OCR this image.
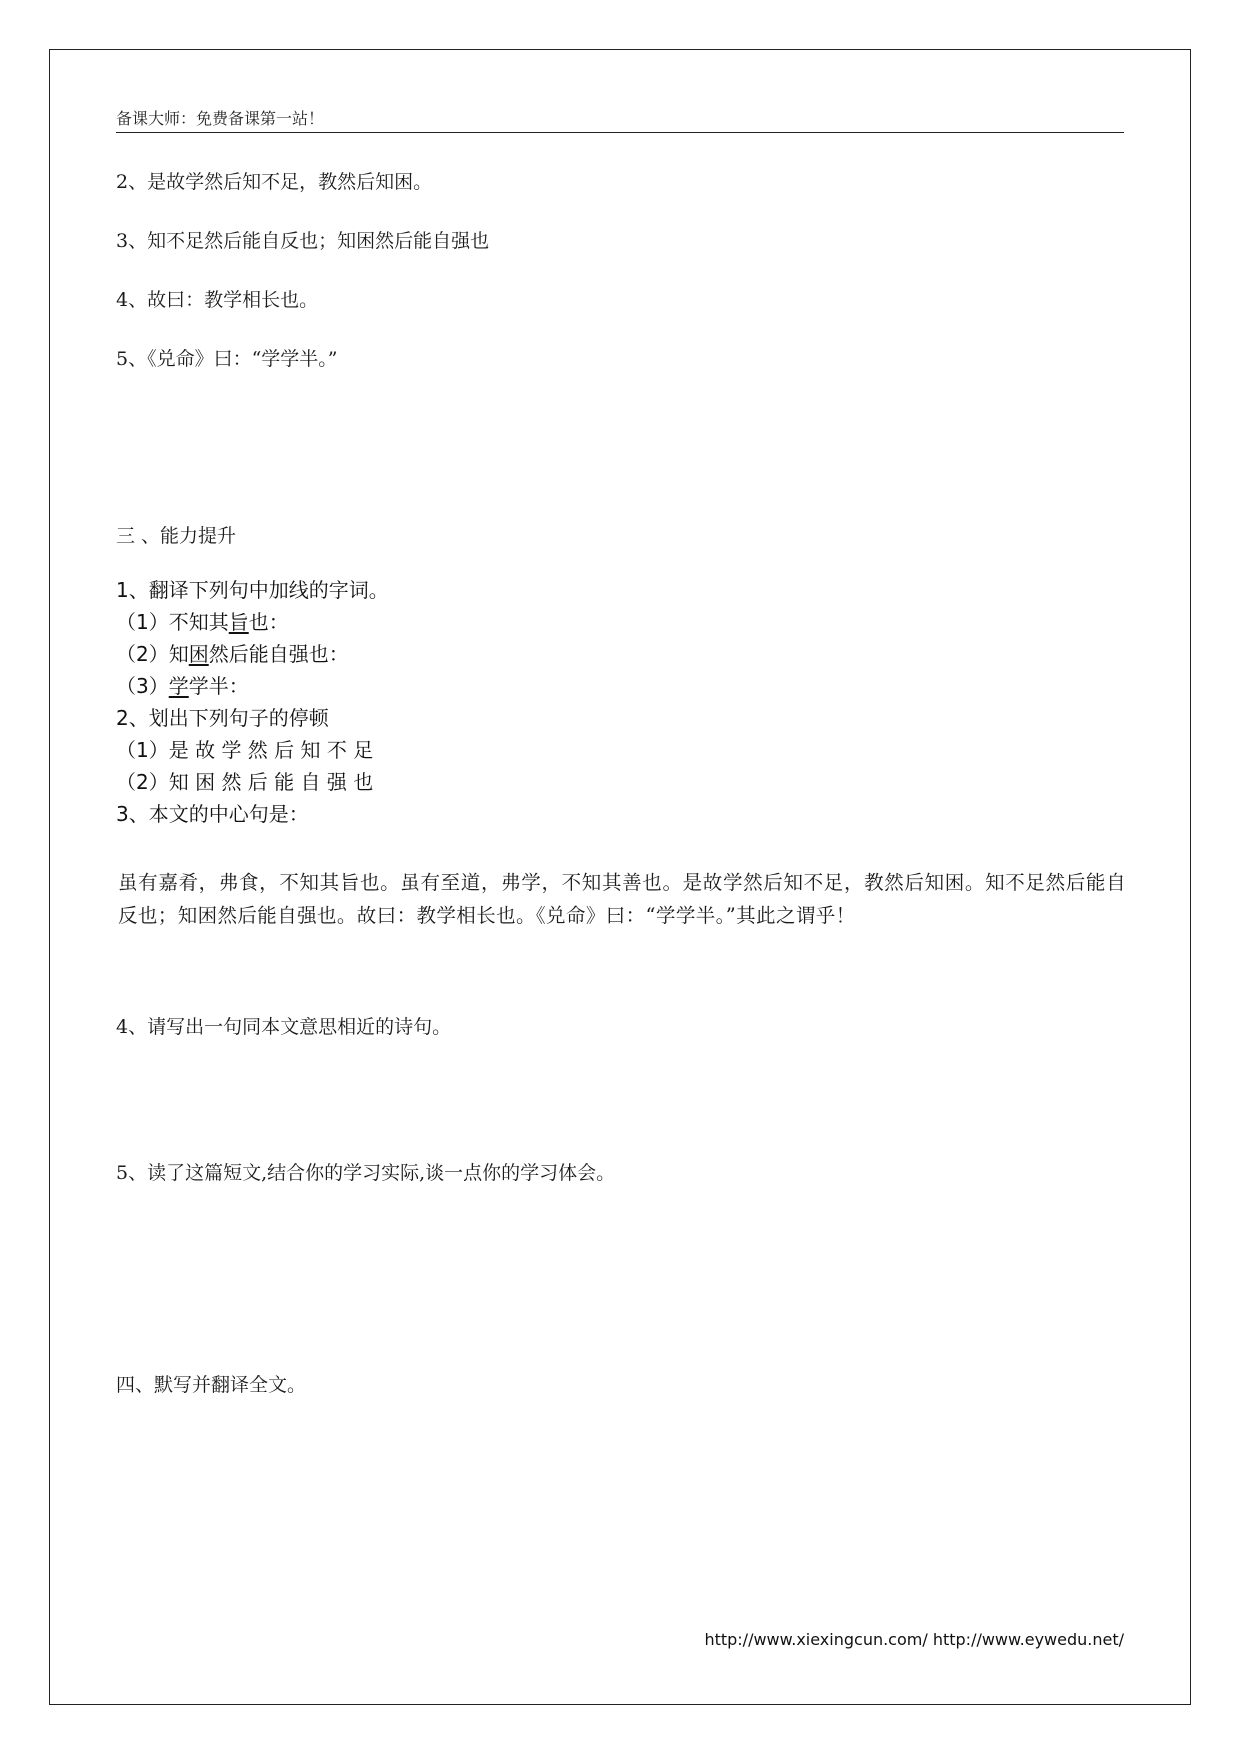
备课大师：免费备课第一站！
2、是故学然后知不足，教然后知困。
3、知不足然后能自反也；知困然后能自强也
4、故曰：教学相长也。
5、《兑命》曰：“学学半。”
三 、能力提升
1、翻译下列句中加线的字词。
（1）不知其旨也：
（2）知困然后能自强也：
（3）学学半：
2、划出下列句子的停顿
（1）是 故 学 然 后 知 不 足
（2）知 困 然 后 能 自 强 也
3、本文的中心句是：

虽有嘉肴，弗食，不知其旨也。虽有至道，弗学，不知其善也。是故学然后知不足，教然后知困。知不足然后能自反也；知困然后能自强也。故曰：教学相长也。《兑命》曰：“学学半。”其此之谓乎！

4、请写出一句同本文意思相近的诗句。
5、读了这篇短文,结合你的学习实际,谈一点你的学习体会。
四、默写并翻译全文。
http://www.xiexingcun.com/ http://www.eywedu.net/
